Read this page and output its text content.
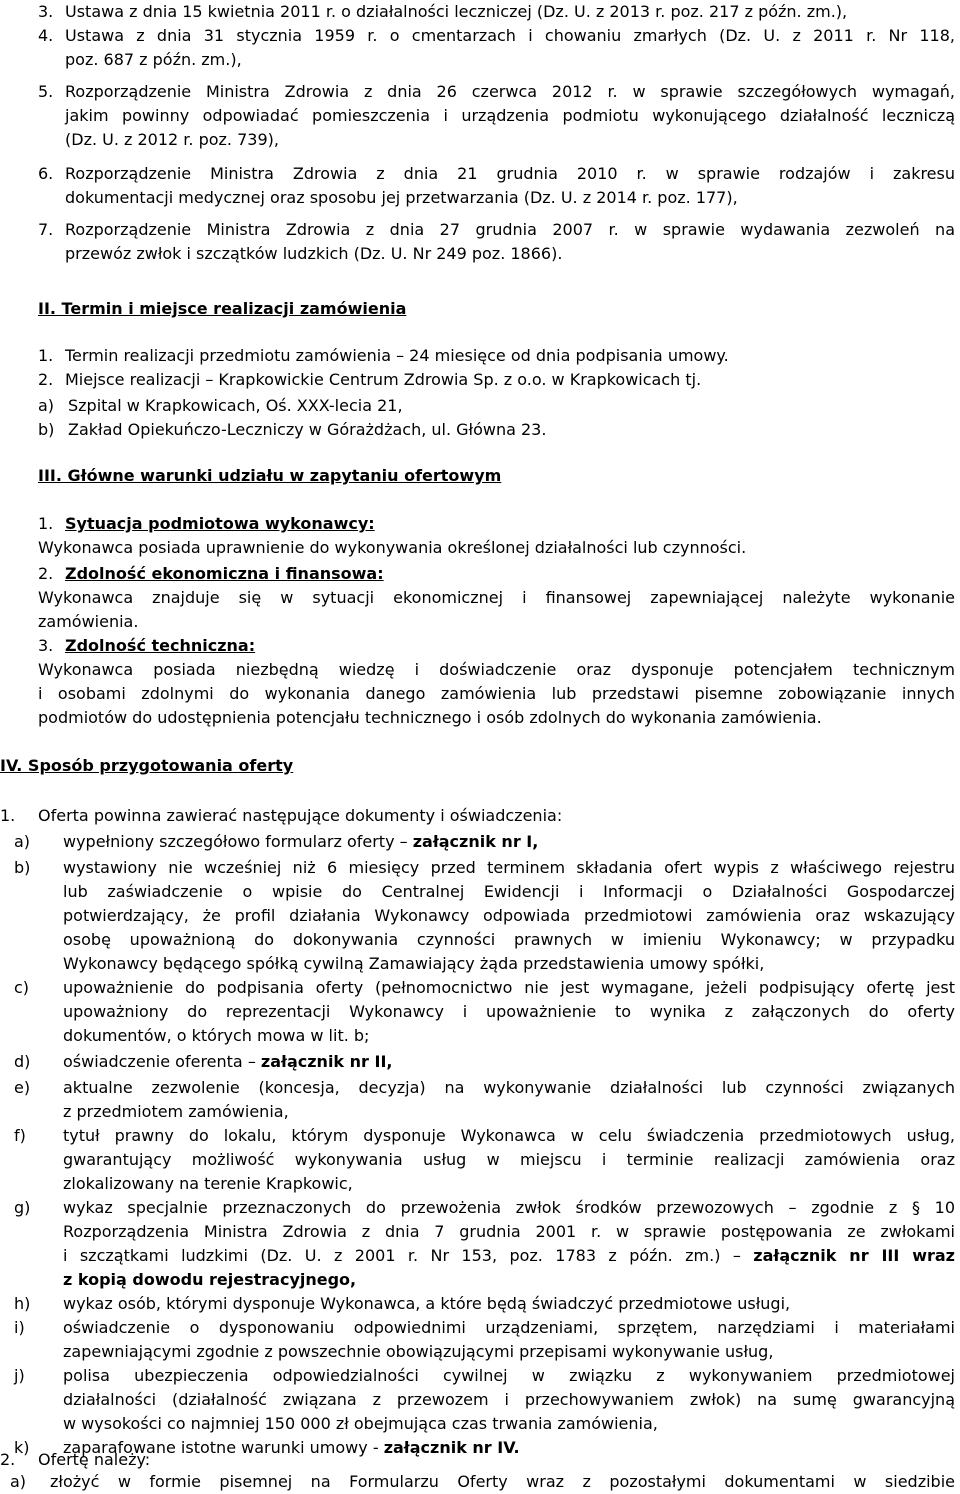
3. Ustawa z dnia 15 kwietnia 2011 r. o działalności leczniczej (Dz. U. z 2013 r. poz. 217 z późn. zm.),
4. Ustawa z dnia 31 stycznia 1959 r. o cmentarzach i chowaniu zmarłych (Dz. U. z 2011 r. Nr 118,
poz. 687 z późn. zm.),
5. Rozporządzenie Ministra Zdrowia z dnia 26 czerwca 2012 r. w sprawie szczegółowych wymagań,
jakim powinny odpowiadać pomieszczenia i urządzenia podmiotu wykonującego działalność leczniczą
(Dz. U. z 2012 r. poz. 739),
6. Rozporządzenie Ministra Zdrowia z dnia 21 grudnia 2010 r. w sprawie rodzajów i zakresu
dokumentacji medycznej oraz sposobu jej przetwarzania (Dz. U. z 2014 r. poz. 177),
7. Rozporządzenie Ministra Zdrowia z dnia 27 grudnia 2007 r. w sprawie wydawania zezwoleń na
przewóz zwłok i szczątków ludzkich (Dz. U. Nr 249 poz. 1866).
II. Termin i miejsce realizacji zamówienia
1. Termin realizacji przedmiotu zamówienia – 24 miesięce od dnia podpisania umowy.
2. Miejsce realizacji – Krapkowickie Centrum Zdrowia Sp. z o.o. w Krapkowicach tj.
a) Szpital w Krapkowicach, Oś. XXX-lecia 21,
b) Zakład Opiekuńczo-Leczniczy w Górażdżach, ul. Główna 23.
III. Główne warunki udziału w zapytaniu ofertowym
1. Sytuacja podmiotowa wykonawcy:
Wykonawca posiada uprawnienie do wykonywania określonej działalności lub czynności.
2. Zdolność ekonomiczna i finansowa:
Wykonawca znajduje się w sytuacji ekonomicznej i finansowej zapewniającej należyte wykonanie
zamówienia.
3. Zdolność techniczna:
Wykonawca posiada niezbędną wiedzę i doświadczenie oraz dysponuje potencjałem technicznym
i osobami zdolnymi do wykonania danego zamówienia lub przedstawi pisemne zobowiązanie innych
podmiotów do udostępnienia potencjału technicznego i osób zdolnych do wykonania zamówienia.
IV. Sposób przygotowania oferty
1. Oferta powinna zawierać następujące dokumenty i oświadczenia:
a) wypełniony szczegółowo formularz oferty – załącznik nr I,
b) wystawiony nie wcześniej niż 6 miesięcy przed terminem składania ofert wypis z właściwego rejestru
lub zaświadczenie o wpisie do Centralnej Ewidencji i Informacji o Działalności Gospodarczej
potwierdzający, że profil działania Wykonawcy odpowiada przedmiotowi zamówienia oraz wskazujący
osobę upoważnioną do dokonywania czynności prawnych w imieniu Wykonawcy; w przypadku
Wykonawcy będącego spółką cywilną Zamawiający żąda przedstawienia umowy spółki,
c) upoważnienie do podpisania oferty (pełnomocnictwo nie jest wymagane, jeżeli podpisujący ofertę jest
upoważniony do reprezentacji Wykonawcy i upoważnienie to wynika z załączonych do oferty
dokumentów, o których mowa w lit. b;
d) oświadczenie oferenta – załącznik nr II,
e) aktualne zezwolenie (koncesja, decyzja) na wykonywanie działalności lub czynności związanych
z przedmiotem zamówienia,
f) tytuł prawny do lokalu, którym dysponuje Wykonawca w celu świadczenia przedmiotowych usług,
gwarantujący możliwość wykonywania usług w miejscu i terminie realizacji zamówienia oraz
zlokalizowany na terenie Krapkowic,
g) wykaz specjalnie przeznaczonych do przewożenia zwłok środków przewozowych – zgodnie z § 10
Rozporządzenia Ministra Zdrowia z dnia 7 grudnia 2001 r. w sprawie postępowania ze zwłokami
i szczątkami ludzkimi (Dz. U. z 2001 r. Nr 153, poz. 1783 z późn. zm.) – załącznik nr III wraz
z kopią dowodu rejestracyjnego,
h) wykaz osób, którymi dysponuje Wykonawca, a które będą świadczyć przedmiotowe usługi,
i) oświadczenie o dysponowaniu odpowiednimi urządzeniami, sprzętem, narzędziami i materiałami
zapewniającymi zgodnie z powszechnie obowiązującymi przepisami wykonywanie usług,
j) polisa ubezpieczenia odpowiedzialności cywilnej w związku z wykonywaniem przedmiotowej
działalności (działalność związana z przewozem i przechowywaniem zwłok) na sumę gwarancyjną
w wysokości co najmniej 150 000 zł obejmująca czas trwania zamówienia,
k) zaparafowane istotne warunki umowy - załącznik nr IV.
2. Ofertę należy:
a) złożyć w formie pisemnej na Formularzu Oferty wraz z pozostałymi dokumentami w siedzibie
